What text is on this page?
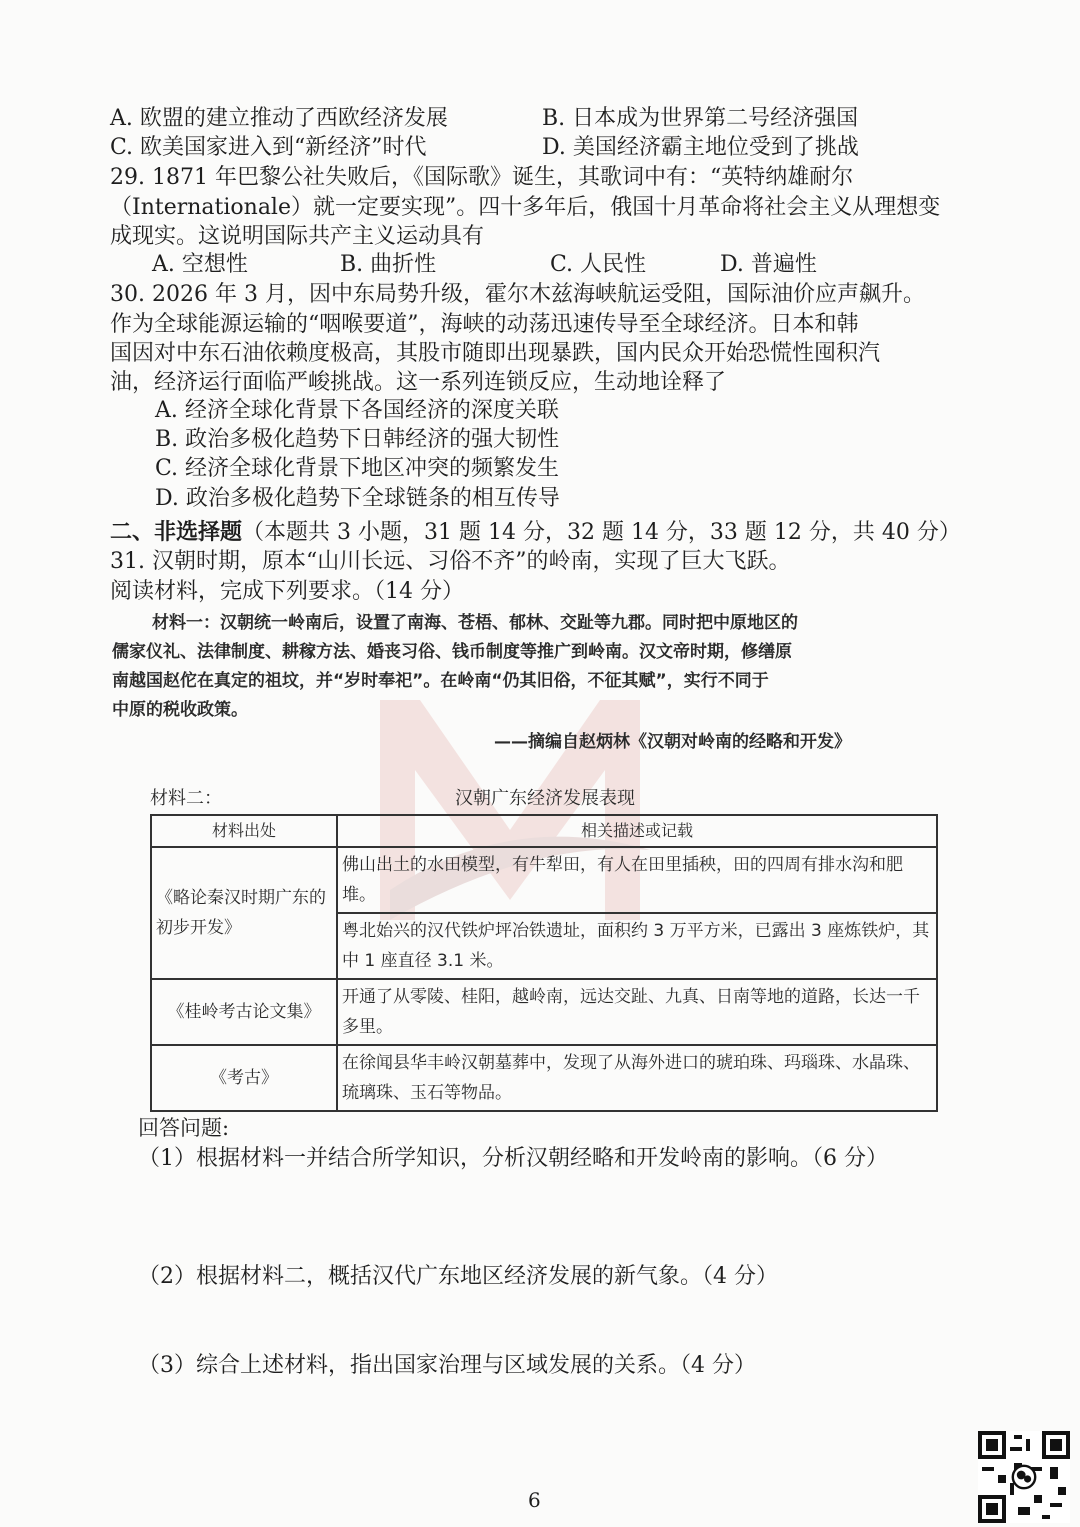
A. 欧盟的建立推动了西欧经济发展	B. 日本成为世界第二号经济强国
C. 欧美国家进入到“新经济”时代	D. 美国经济霸主地位受到了挑战
29. 1871 年巴黎公社失败后，《国际歌》诞生，其歌词中有：“英特纳雄耐尔
（Internationale）就一定要实现”。四十多年后，俄国十月革命将社会主义从理想变
成现实。这说明国际共产主义运动具有
A. 空想性	B. 曲折性	C. 人民性	D. 普遍性
30. 2026 年 3 月，因中东局势升级，霍尔木兹海峡航运受阻，国际油价应声飙升。
作为全球能源运输的“咽喉要道”，海峡的动荡迅速传导至全球经济。日本和韩
国因对中东石油依赖度极高，其股市随即出现暴跌，国内民众开始恐慌性囤积汽
油，经济运行面临严峻挑战。这一系列连锁反应，生动地诠释了
A. 经济全球化背景下各国经济的深度关联
B. 政治多极化趋势下日韩经济的强大韧性
C. 经济全球化背景下地区冲突的频繁发生
D. 政治多极化趋势下全球链条的相互传导
二、非选择题（本题共 3 小题，31 题 14 分，32 题 14 分，33 题 12 分，共 40 分）
31. 汉朝时期，原本“山川长远、习俗不齐”的岭南，实现了巨大飞跃。
阅读材料，完成下列要求。（14 分）
材料一：汉朝统一岭南后，设置了南海、苍梧、郁林、交趾等九郡。同时把中原地区的
儒家仪礼、法律制度、耕稼方法、婚丧习俗、钱币制度等推广到岭南。汉文帝时期，修缮原
南越国赵佗在真定的祖坟，并“岁时奉祀”。在岭南“仍其旧俗，不征其赋”，实行不同于
中原的税收政策。
——摘编自赵炳林《汉朝对岭南的经略和开发》
材料二：	汉朝广东经济发展表现
材料出处	相关描述或记载
《略论秦汉时期广东的初步开发》	佛山出土的水田模型，有牛犁田，有人在田里插秧，田的四周有排水沟和肥堆。
	粤北始兴的汉代铁炉坪冶铁遗址，面积约 3 万平方米，已露出 3 座炼铁炉，其中 1 座直径 3.1 米。
《桂岭考古论文集》	开通了从零陵、桂阳，越岭南，远达交趾、九真、日南等地的道路，长达一千多里。
《考古》	在徐闻县华丰岭汉朝墓葬中，发现了从海外进口的琥珀珠、玛瑙珠、水晶珠、琉璃珠、玉石等物品。
回答问题:
（1）根据材料一并结合所学知识，分析汉朝经略和开发岭南的影响。（6 分）
（2）根据材料二，概括汉代广东地区经济发展的新气象。（4 分）
（3）综合上述材料，指出国家治理与区域发展的关系。（4 分）
6
